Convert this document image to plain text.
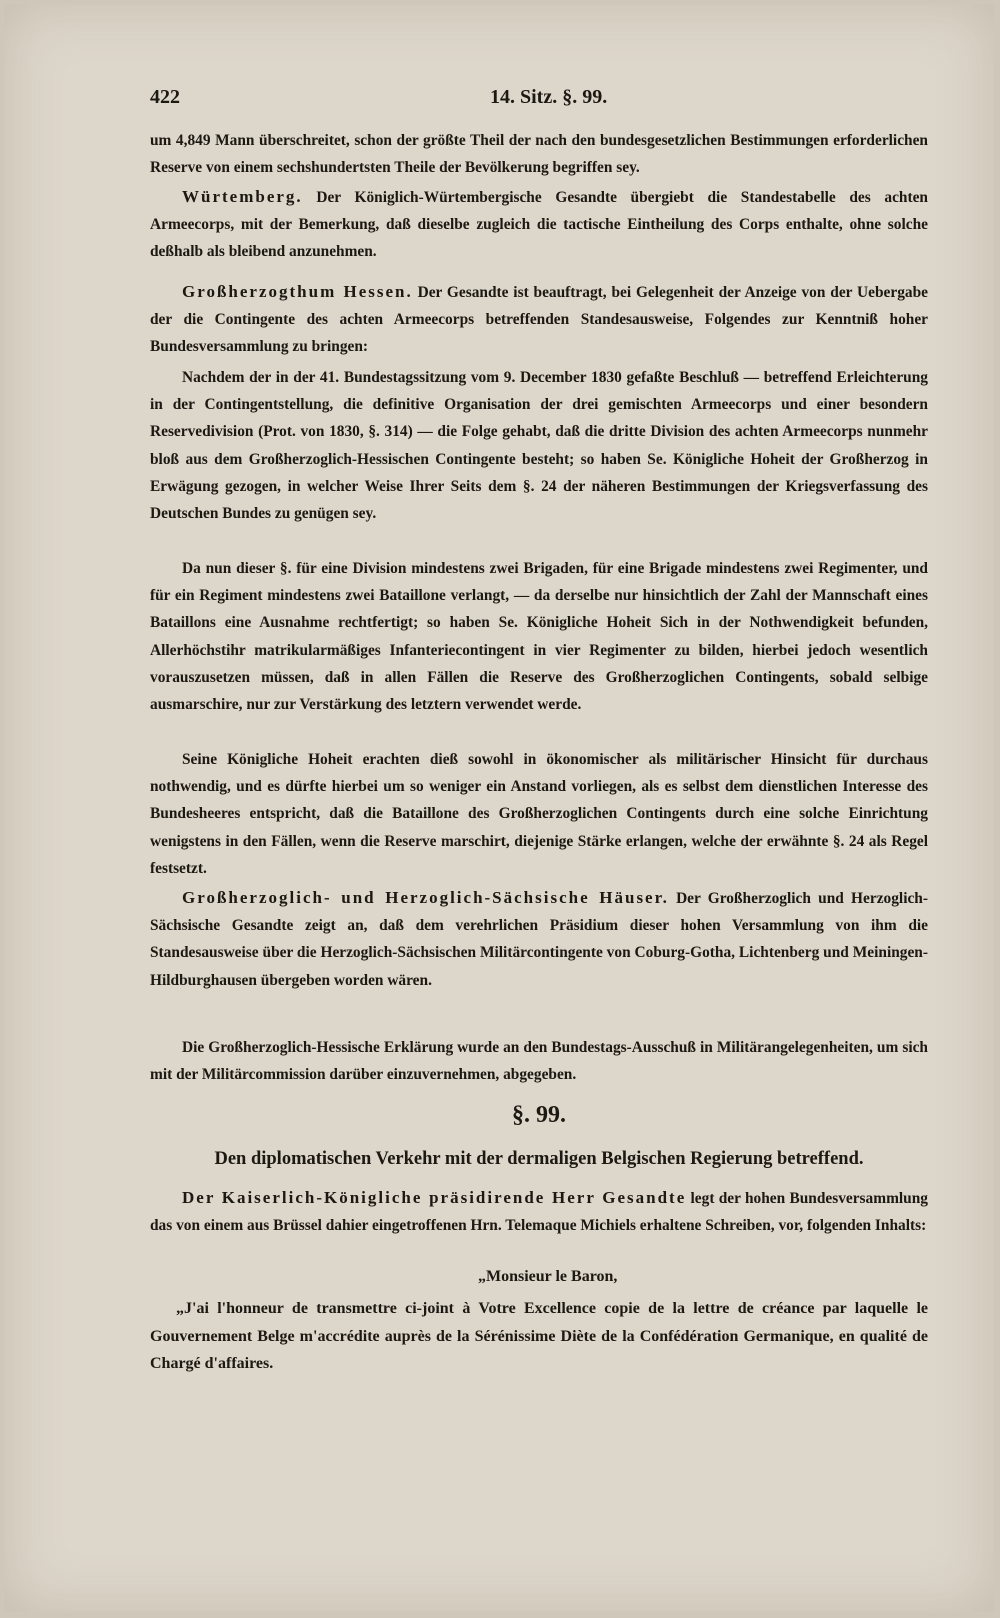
422	14. Sitz. §. 99.
um 4,849 Mann überschreitet, schon der größte Theil der nach den bundesgesetzlichen Bestimmungen erforderlichen Reserve von einem sechshundertsten Theile der Bevölkerung begriffen sey.
Würtemberg. Der Königlich-Würtembergische Gesandte übergiebt die Standestabelle des achten Armeecorps, mit der Bemerkung, daß dieselbe zugleich die tactische Eintheilung des Corps enthalte, ohne solche deßhalb als bleibend anzunehmen.
Großherzogthum Hessen. Der Gesandte ist beauftragt, bei Gelegenheit der Anzeige von der Uebergabe der die Contingente des achten Armeecorps betreffenden Standesausweise, Folgendes zur Kenntniß hoher Bundesversammlung zu bringen:
Nachdem der in der 41. Bundestagssitzung vom 9. December 1830 gefaßte Beschluß — betreffend Erleichterung in der Contingentstellung, die definitive Organisation der drei gemischten Armeecorps und einer besondern Reservedivision (Prot. von 1830, §. 314) — die Folge gehabt, daß die dritte Division des achten Armeecorps nunmehr bloß aus dem Großherzoglich-Hessischen Contingente besteht; so haben Se. Königliche Hoheit der Großherzog in Erwägung gezogen, in welcher Weise Ihrer Seits dem §. 24 der näheren Bestimmungen der Kriegsverfassung des Deutschen Bundes zu genügen sey.
Da nun dieser §. für eine Division mindestens zwei Brigaden, für eine Brigade mindestens zwei Regimenter, und für ein Regiment mindestens zwei Bataillone verlangt, — da derselbe nur hinsichtlich der Zahl der Mannschaft eines Bataillons eine Ausnahme rechtfertigt; so haben Se. Königliche Hoheit Sich in der Nothwendigkeit befunden, Allerhöchstihr matrikularmäßiges Infanteriecontingent in vier Regimenter zu bilden, hierbei jedoch wesentlich vorauszusetzen müssen, daß in allen Fällen die Reserve des Großherzoglichen Contingents, sobald selbige ausmarschire, nur zur Verstärkung des letztern verwendet werde.
Seine Königliche Hoheit erachten dieß sowohl in ökonomischer als militärischer Hinsicht für durchaus nothwendig, und es dürfte hierbei um so weniger ein Anstand vorliegen, als es selbst dem dienstlichen Interesse des Bundesheeres entspricht, daß die Bataillone des Großherzoglichen Contingents durch eine solche Einrichtung wenigstens in den Fällen, wenn die Reserve marschirt, diejenige Stärke erlangen, welche der erwähnte §. 24 als Regel festsetzt.
Großherzoglich- und Herzoglich-Sächsische Häuser. Der Großherzoglich und Herzoglich-Sächsische Gesandte zeigt an, daß dem verehrlichen Präsidium dieser hohen Versammlung von ihm die Standesausweise über die Herzoglich-Sächsischen Militärcontingente von Coburg-Gotha, Lichtenberg und Meiningen-Hildburghausen übergeben worden wären.
Die Großherzoglich-Hessische Erklärung wurde an den Bundestags-Ausschuß in Militärangelegenheiten, um sich mit der Militärcommission darüber einzuvernehmen, abgegeben.
§. 99.
Den diplomatischen Verkehr mit der dermaligen Belgischen Regierung betreffend.
Der Kaiserlich-Königliche präsidirende Herr Gesandte legt der hohen Bundesversammlung das von einem aus Brüssel dahier eingetroffenen Hrn. Telemaque Michiels erhaltene Schreiben, vor, folgenden Inhalts:
„Monsieur le Baron,
„J'ai l'honneur de transmettre ci-joint à Votre Excellence copie de la lettre de créance par laquelle le Gouvernement Belge m'accrédite auprès de la Sérénissime Diète de la Confédération Germanique, en qualité de Chargé d'affaires.
